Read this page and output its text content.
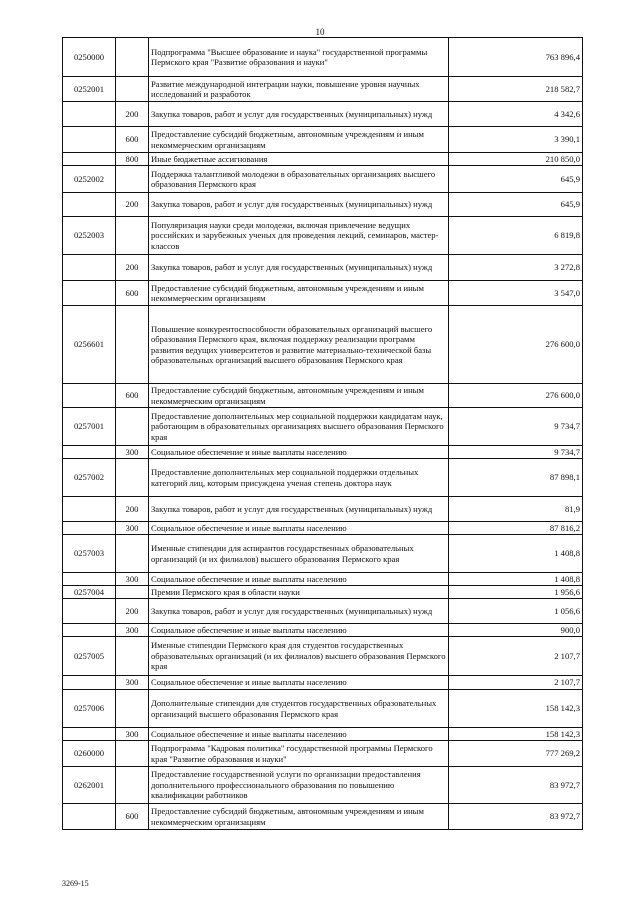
10
0250000		Подпрограмма "Высшее образование и наука" государственной программы Пермского края "Развитие образования и науки"	763 896,4
0252001		Развитие международной интеграции науки, повышение уровня научных исследований и разработок	218 582,7
	200	Закупка товаров, работ и услуг для государственных (муниципальных) нужд	4 342,6
	600	Предоставление субсидий бюджетным, автономным учреждениям и иным некоммерческим организациям	3 390,1
	800	Иные бюджетные ассигнования	210 850,0
0252002		Поддержка талантливой молодежи в образовательных организациях высшего образования Пермского края	645,9
	200	Закупка товаров, работ и услуг для государственных (муниципальных) нужд	645,9
0252003		Популяризация науки среди молодежи, включая привлечение ведущих российских и зарубежных ученых для проведения лекций, семинаров, мастер-классов	6 819,8
	200	Закупка товаров, работ и услуг для государственных (муниципальных) нужд	3 272,8
	600	Предоставление субсидий бюджетным, автономным учреждениям и иным некоммерческим организациям	3 547,0
0256601		Повышение конкурентоспособности образовательных организаций высшего образования Пермского края, включая поддержку реализации программ развития ведущих университетов и развитие материально-технической базы образовательных организаций высшего образования Пермского края	276 600,0
	600	Предоставление субсидий бюджетным, автономным учреждениям и иным некоммерческим организациям	276 600,0
0257001		Предоставление дополнительных мер социальной поддержки кандидатам наук, работающим в образовательных организациях высшего образования Пермского края	9 734,7
	300	Социальное обеспечение и иные выплаты населению	9 734,7
0257002		Предоставление дополнительных мер социальной поддержки отдельных категорий лиц, которым присуждена ученая степень доктора наук	87 898,1
	200	Закупка товаров, работ и услуг для государственных (муниципальных) нужд	81,9
	300	Социальное обеспечение и иные выплаты населению	87 816,2
0257003		Именные стипендии для аспирантов государственных образовательных организаций (и их филиалов) высшего образования Пермского края	1 408,8
	300	Социальное обеспечение и иные выплаты населению	1 408,8
0257004		Премии Пермского края в области науки	1 956,6
	200	Закупка товаров, работ и услуг для государственных (муниципальных) нужд	1 056,6
	300	Социальное обеспечение и иные выплаты населению	900,0
0257005		Именные стипендии Пермского края для студентов государственных образовательных организаций (и их филиалов) высшего образования Пермского края	2 107,7
	300	Социальное обеспечение и иные выплаты населению	2 107,7
0257006		Дополнительные стипендии для студентов государственных образовательных организаций высшего образования Пермского края	158 142,3
	300	Социальное обеспечение и иные выплаты населению	158 142,3
0260000		Подпрограмма "Кадровая политика" государственной программы Пермского края "Развитие образования и науки"	777 269,2
0262001		Предоставление государственной услуги по организации предоставления дополнительного профессионального образования по повышению квалификации работников	83 972,7
	600	Предоставление субсидий бюджетным, автономным учреждениям и иным некоммерческим организациям	83 972,7
3269-15
